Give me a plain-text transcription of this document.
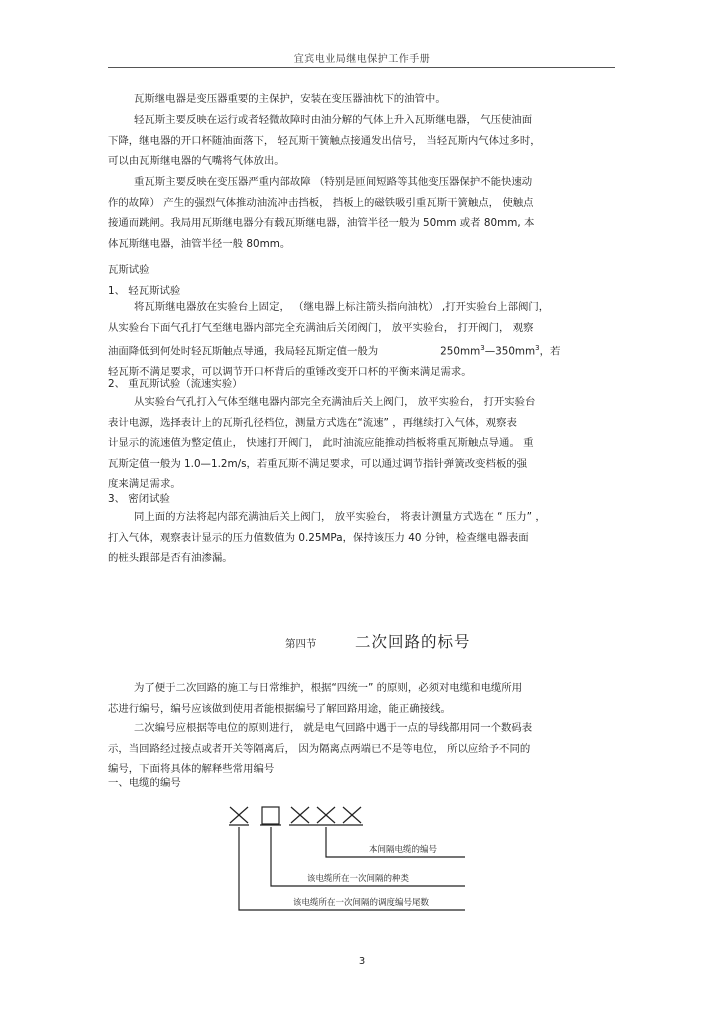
宜宾电业局继电保护工作手册
瓦斯继电器是变压器重要的主保护，安装在变压器油枕下的油管中。
轻瓦斯主要反映在运行或者轻微故障时由油分解的气体上升入瓦斯继电器， 气压使油面
下降，继电器的开口杯随油面落下， 轻瓦斯干簧触点接通发出信号， 当轻瓦斯内气体过多时，
可以由瓦斯继电器的气嘴将气体放出。
重瓦斯主要反映在变压器严重内部故障 （特别是匝间短路等其他变压器保护不能快速动
作的故障） 产生的强烈气体推动油流冲击挡板， 挡板上的磁铁吸引重瓦斯干簧触点， 使触点
接通而跳闸。我局用瓦斯继电器分有载瓦斯继电器，油管半径一般为 50mm 或者 80mm, 本
体瓦斯继电器，油管半径一般 80mm。
瓦斯试验
1、 轻瓦斯试验
将瓦斯继电器放在实验台上固定， （继电器上标注箭头指向油枕） ,打开实验台上部阀门，
从实验台下面气孔打气至继电器内部完全充满油后关闭阀门， 放平实验台， 打开阀门， 观察
油面降低到何处时轻瓦斯触点导通，我局轻瓦斯定值一般为	$250mm^3—350mm^3$，若
轻瓦斯不满足要求，可以调节开口杯背后的重锤改变开口杯的平衡来满足需求。
2、 重瓦斯试验（流速实验）
从实验台气孔打入气体至继电器内部完全充满油后关上阀门， 放平实验台， 打开实验台
表计电源，选择表计上的瓦斯孔径档位，测量方式选在“流速” ，再继续打入气体，观察表
计显示的流速值为整定值止， 快速打开阀门， 此时油流应能推动挡板将重瓦斯触点导通。 重
瓦斯定值一般为 1.0—1.2m/s，若重瓦斯不满足要求，可以通过调节指针弹簧改变档板的强
度来满足需求。
3、 密闭试验
同上面的方法将起内部充满油后关上阀门， 放平实验台， 将表计测量方式选在 “ 压力” ，
打入气体，观察表计显示的压力值数值为 0.25MPa，保持该压力 40 分钟，检查继电器表面
的桩头跟部是否有油渗漏。
第四节 二次回路的标号
为了便于二次回路的施工与日常维护，根据“四统一” 的原则，必须对电缆和电缆所用
芯进行编号，编号应该做到使用者能根据编号了解回路用途，能正确接线。
二次编号应根据等电位的原则进行， 就是电气回路中遇于一点的导线都用同一个数码表
示，当回路经过接点或者开关等隔离后， 因为隔离点两端已不是等电位， 所以应给予不同的
编号，下面将具体的解释些常用编号
一、电缆的编号
本间隔电缆的编号
该电缆所在一次间隔的种类
该电缆所在一次间隔的调度编号尾数
3
